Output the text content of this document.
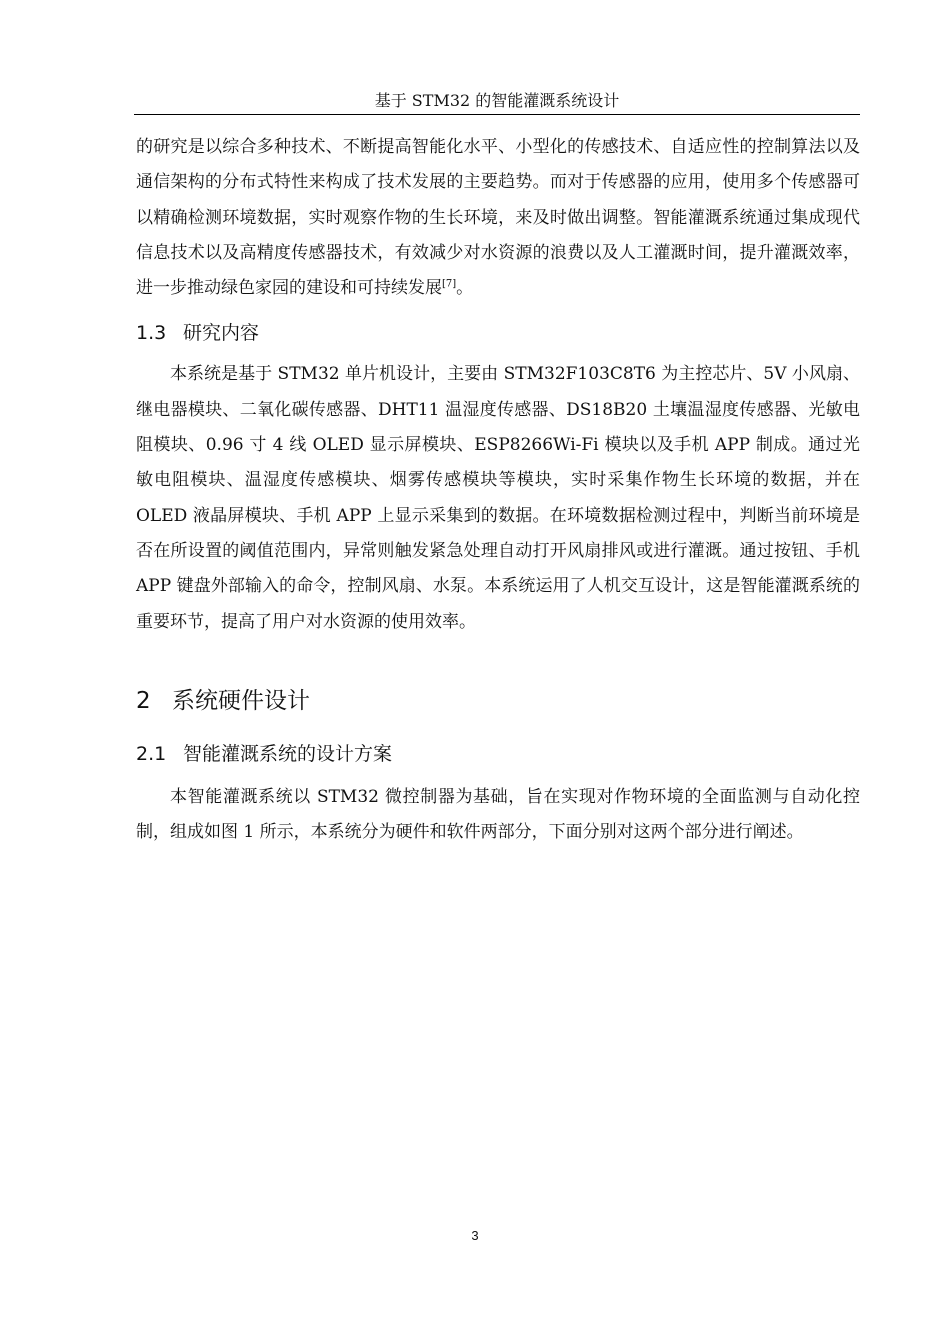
基于 STM32 的智能灌溉系统设计

的研究是以综合多种技术、不断提高智能化水平、小型化的传感技术、自适应性的控制算法以及通信架构的分布式特性来构成了技术发展的主要趋势。而对于传感器的应用，使用多个传感器可以精确检测环境数据，实时观察作物的生长环境，来及时做出调整。智能灌溉系统通过集成现代信息技术以及高精度传感器技术，有效减少对水资源的浪费以及人工灌溉时间，提升灌溉效率，进一步推动绿色家园的建设和可持续发展[7]。

1.3 研究内容

本系统是基于 STM32 单片机设计，主要由 STM32F103C8T6 为主控芯片、5V 小风扇、继电器模块、二氧化碳传感器、DHT11 温湿度传感器、DS18B20 土壤温湿度传感器、光敏电阻模块、0.96 寸 4 线 OLED 显示屏模块、ESP8266Wi-Fi 模块以及手机 APP 制成。通过光敏电阻模块、温湿度传感模块、烟雾传感模块等模块，实时采集作物生长环境的数据，并在 OLED 液晶屏模块、手机 APP 上显示采集到的数据。在环境数据检测过程中，判断当前环境是否在所设置的阈值范围内，异常则触发紧急处理自动打开风扇排风或进行灌溉。通过按钮、手机 APP 键盘外部输入的命令，控制风扇、水泵。本系统运用了人机交互设计，这是智能灌溉系统的重要环节，提高了用户对水资源的使用效率。

2 系统硬件设计
2.1 智能灌溉系统的设计方案

本智能灌溉系统以 STM32 微控制器为基础，旨在实现对作物环境的全面监测与自动化控制，组成如图 1 所示，本系统分为硬件和软件两部分，下面分别对这两个部分进行阐述。

3
